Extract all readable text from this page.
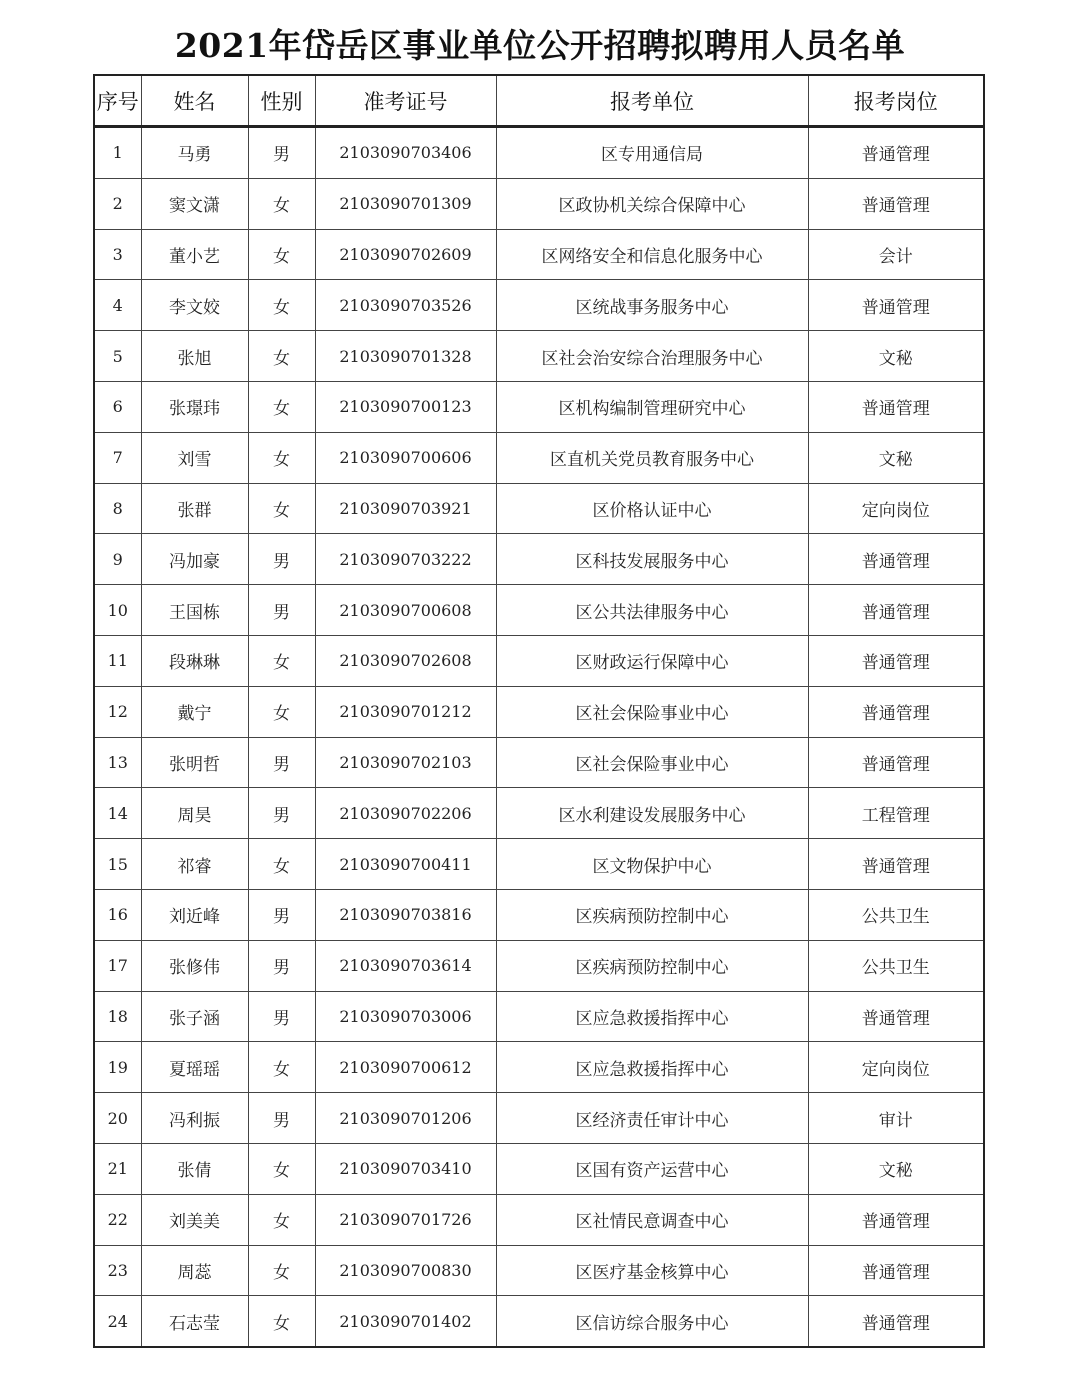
2021年岱岳区事业单位公开招聘拟聘用人员名单
序号	姓名	性别	准考证号	报考单位	报考岗位
1	马勇	男	2103090703406	区专用通信局	普通管理
2	窦文潇	女	2103090701309	区政协机关综合保障中心	普通管理
3	董小艺	女	2103090702609	区网络安全和信息化服务中心	会计
4	李文姣	女	2103090703526	区统战事务服务中心	普通管理
5	张旭	女	2103090701328	区社会治安综合治理服务中心	文秘
6	张璟玮	女	2103090700123	区机构编制管理研究中心	普通管理
7	刘雪	女	2103090700606	区直机关党员教育服务中心	文秘
8	张群	女	2103090703921	区价格认证中心	定向岗位
9	冯加豪	男	2103090703222	区科技发展服务中心	普通管理
10	王国栋	男	2103090700608	区公共法律服务中心	普通管理
11	段琳琳	女	2103090702608	区财政运行保障中心	普通管理
12	戴宁	女	2103090701212	区社会保险事业中心	普通管理
13	张明哲	男	2103090702103	区社会保险事业中心	普通管理
14	周昊	男	2103090702206	区水利建设发展服务中心	工程管理
15	祁睿	女	2103090700411	区文物保护中心	普通管理
16	刘近峰	男	2103090703816	区疾病预防控制中心	公共卫生
17	张修伟	男	2103090703614	区疾病预防控制中心	公共卫生
18	张子涵	男	2103090703006	区应急救援指挥中心	普通管理
19	夏瑶瑶	女	2103090700612	区应急救援指挥中心	定向岗位
20	冯利振	男	2103090701206	区经济责任审计中心	审计
21	张倩	女	2103090703410	区国有资产运营中心	文秘
22	刘美美	女	2103090701726	区社情民意调查中心	普通管理
23	周蕊	女	2103090700830	区医疗基金核算中心	普通管理
24	石志莹	女	2103090701402	区信访综合服务中心	普通管理
